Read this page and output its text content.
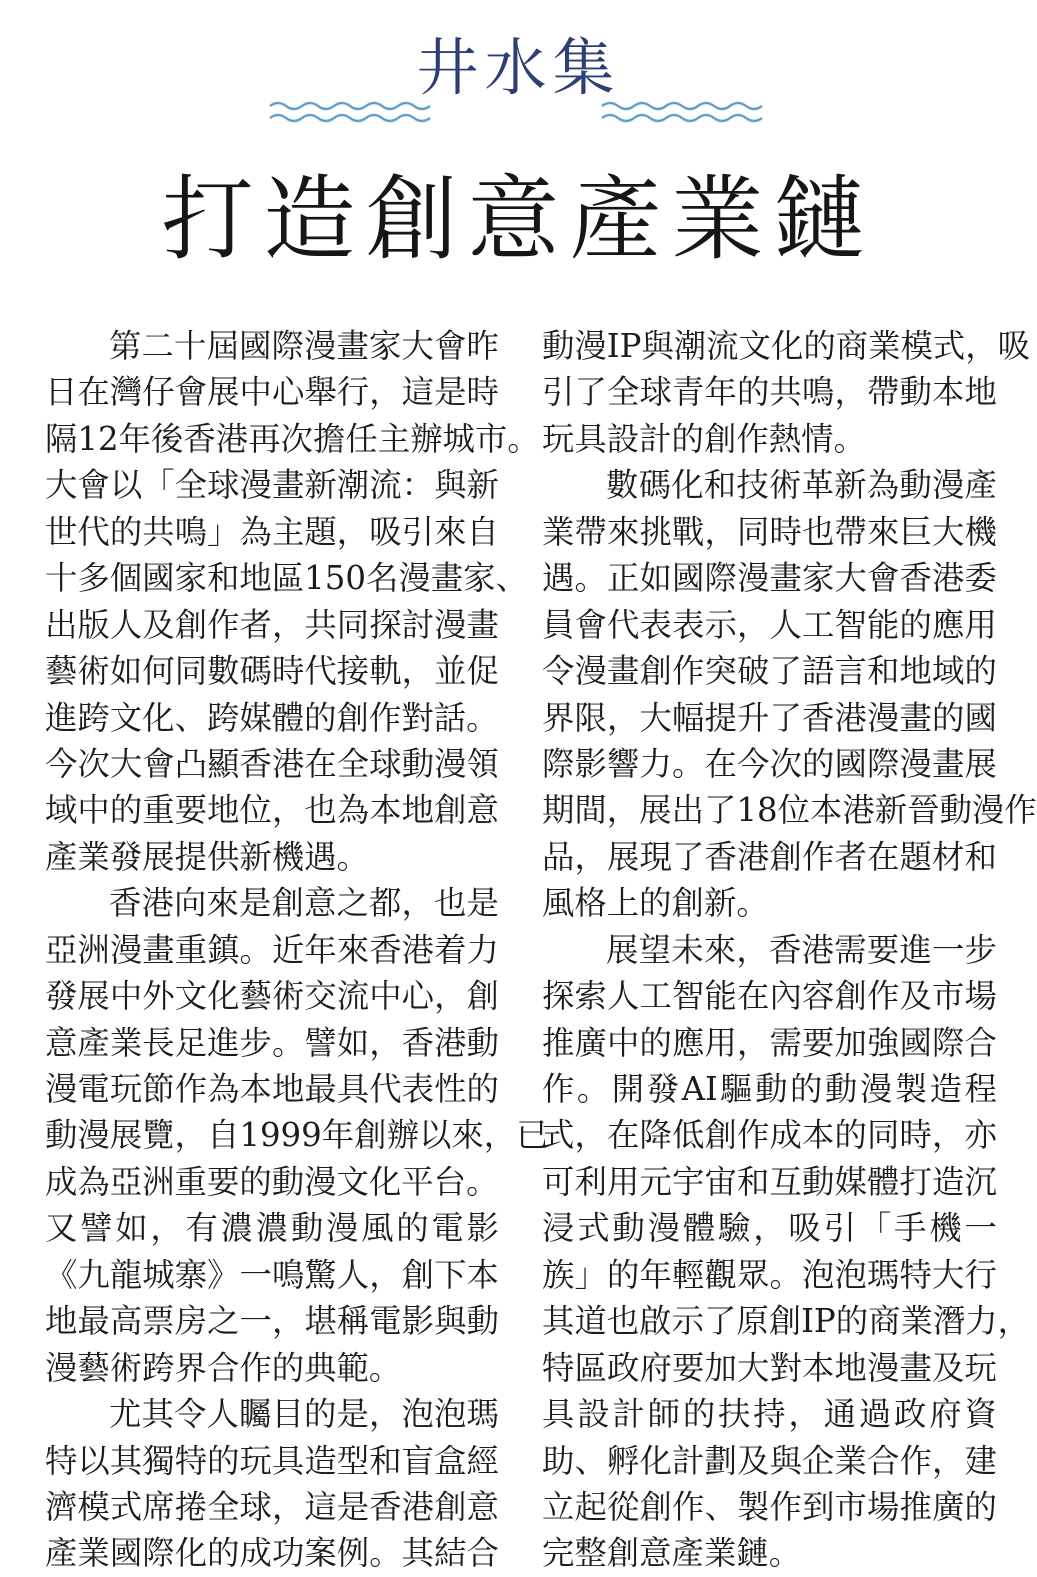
井水集
打造創意產業鏈
第 二 十 屆 國 際 漫 畫 家 大 會 昨
日 在 灣 仔 會 展 中 心 舉 行 ， 這 是 時
隔12年後香港再次擔任主辦城市。
大 會 以 「 全 球 漫 畫 新 潮 流 ： 與 新
世 代 的 共 鳴 」 為 主 題 ， 吸 引 來 自
十 多 個 國 家 和 地 區 150 名 漫 畫 家 、
出 版 人 及 創 作 者 ， 共 同 探 討 漫 畫
藝 術 如 何 同 數 碼 時 代 接 軌 ， 並 促
進跨文化、跨媒體的創作對話。
今 次 大 會 凸 顯 香 港 在 全 球 動 漫 領
域 中 的 重 要 地 位 ， 也 為 本 地 創 意
產業發展提供新機遇。
香 港 向 來 是 創 意 之 都 ， 也 是
亞 洲 漫 畫 重 鎮 。 近 年 來 香 港 着 力
發 展 中 外 文 化 藝 術 交 流 中 心 ， 創
意 產 業 長 足 進 步 。 譬 如 ， 香 港 動
漫 電 玩 節 作 為 本 地 最 具 代 表 性 的
動 漫 展 覽 ， 自 1999 年 創 辦 以 來 ， 已
成為亞洲重要的動漫文化平台。
又 譬 如 ， 有 濃 濃 動 漫 風 的 電 影
《 九 龍 城 寨 》 一 鳴 驚 人 ， 創 下 本
地 最 高 票 房 之 一 ， 堪 稱 電 影 與 動
漫藝術跨界合作的典範。
尤 其 令 人 矚 目 的 是 ， 泡 泡 瑪
特 以 其 獨 特 的 玩 具 造 型 和 盲 盒 經
濟 模 式 席 捲 全 球 ， 這 是 香 港 創 意
產 業 國 際 化 的 成 功 案 例 。 其 結 合
動 漫 IP 與 潮 流 文 化 的 商 業 模 式 ， 吸
引 了 全 球 青 年 的 共 鳴 ， 帶 動 本 地
玩具設計的創作熱情。
數 碼 化 和 技 術 革 新 為 動 漫 產
業 帶 來 挑 戰 ， 同 時 也 帶 來 巨 大 機
遇 。 正 如 國 際 漫 畫 家 大 會 香 港 委
員 會 代 表 表 示 ， 人 工 智 能 的 應 用
令 漫 畫 創 作 突 破 了 語 言 和 地 域 的
界 限 ， 大 幅 提 升 了 香 港 漫 畫 的 國
際 影 響 力 。 在 今 次 的 國 際 漫 畫 展
期 間 ， 展 出 了 18 位 本 港 新 晉 動 漫 作
品 ， 展 現 了 香 港 創 作 者 在 題 材 和
風格上的創新。
展 望 未 來 ， 香 港 需 要 進 一 步
探 索 人 工 智 能 在 內 容 創 作 及 市 場
推 廣 中 的 應 用 ， 需 要 加 強 國 際 合
作 。 開 發 AI 驅 動 的 動 漫 製 造 程
式 ， 在 降 低 創 作 成 本 的 同 時 ， 亦
可 利 用 元 宇 宙 和 互 動 媒 體 打 造 沉
浸 式 動 漫 體 驗 ， 吸 引 「 手 機 一
族 」 的 年 輕 觀 眾 。 泡 泡 瑪 特 大 行
其 道 也 啟 示 了 原 創 IP 的 商 業 潛 力 ，
特 區 政 府 要 加 大 對 本 地 漫 畫 及 玩
具 設 計 師 的 扶 持 ， 通 過 政 府 資
助 、 孵 化 計 劃 及 與 企 業 合 作 ， 建
立 起 從 創 作 、 製 作 到 市 場 推 廣 的
完整創意產業鏈。
